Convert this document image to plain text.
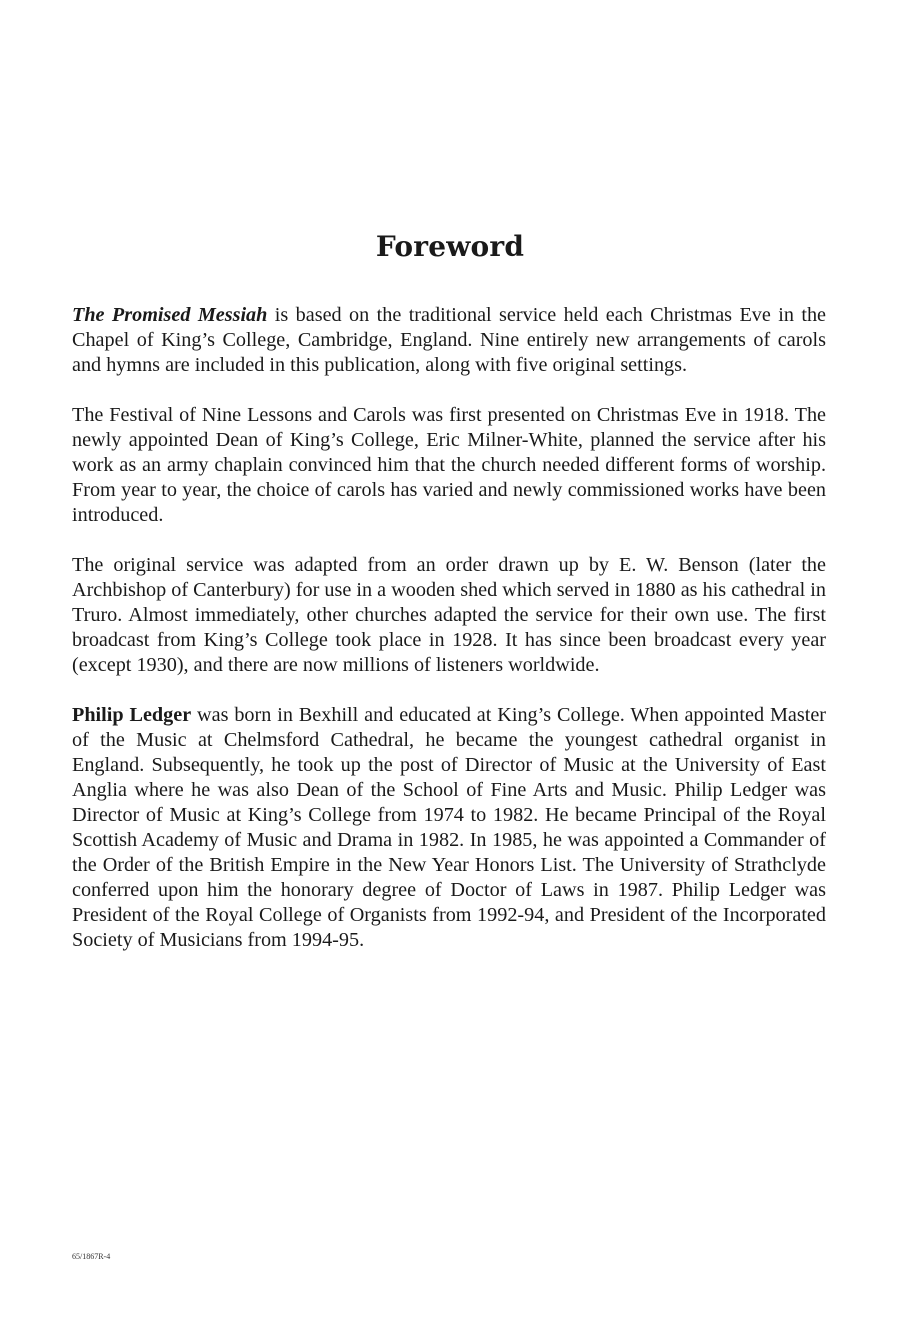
Foreword

The Promised Messiah is based on the traditional service held each Christmas Eve in the Chapel of King’s College, Cambridge, England. Nine entirely new arrangements of carols and hymns are included in this publication, along with five original settings.

The Festival of Nine Lessons and Carols was first presented on Christmas Eve in 1918. The newly appointed Dean of King’s College, Eric Milner-White, planned the service after his work as an army chaplain convinced him that the church needed different forms of worship. From year to year, the choice of carols has varied and newly commissioned works have been introduced.

The original service was adapted from an order drawn up by E. W. Benson (later the Archbishop of Canterbury) for use in a wooden shed which served in 1880 as his cathedral in Truro. Almost immediately, other churches adapted the service for their own use. The first broadcast from King’s College took place in 1928. It has since been broadcast every year (except 1930), and there are now millions of listeners worldwide.

Philip Ledger was born in Bexhill and educated at King’s College. When appointed Master of the Music at Chelmsford Cathedral, he became the youngest cathedral organist in England. Subsequently, he took up the post of Director of Music at the University of East Anglia where he was also Dean of the School of Fine Arts and Music. Philip Ledger was Director of Music at King’s College from 1974 to 1982. He became Principal of the Royal Scottish Academy of Music and Drama in 1982. In 1985, he was appointed a Commander of the Order of the British Empire in the New Year Honors List. The University of Strathclyde conferred upon him the honorary degree of Doctor of Laws in 1987. Philip Ledger was President of the Royal College of Organists from 1992-94, and President of the Incorporated Society of Musicians from 1994-95.

65/1867R-4
